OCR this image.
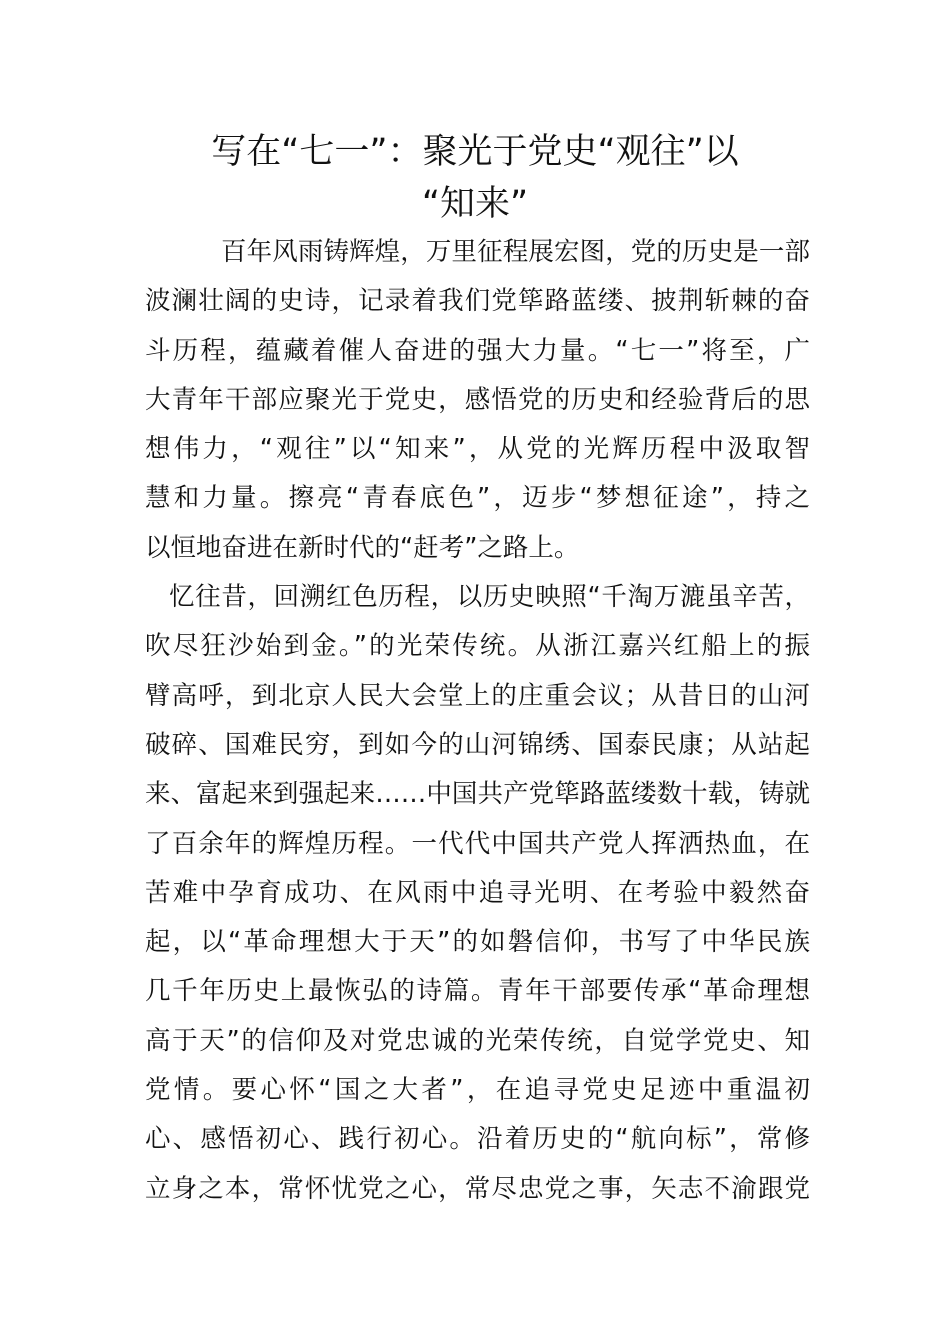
写在“七一”：聚光于党史“观往”以
“知来”
百年风雨铸辉煌，万里征程展宏图，党的历史是一部
波澜壮阔的史诗，记录着我们党筚路蓝缕、披荆斩棘的奋
斗历程，蕴藏着催人奋进的强大力量。“七一”将至，广
大青年干部应聚光于党史，感悟党的历史和经验背后的思
想伟力，“观往”以“知来”，从党的光辉历程中汲取智
慧和力量。擦亮“青春底色”，迈步“梦想征途”，持之
以恒地奋进在新时代的“赶考”之路上。
忆往昔，回溯红色历程，以历史映照“千淘万漉虽辛苦，
吹尽狂沙始到金。”的光荣传统。从浙江嘉兴红船上的振
臂高呼，到北京人民大会堂上的庄重会议；从昔日的山河
破碎、国难民穷，到如今的山河锦绣、国泰民康；从站起
来、富起来到强起来……中国共产党筚路蓝缕数十载，铸就
了百余年的辉煌历程。一代代中国共产党人挥洒热血，在
苦难中孕育成功、在风雨中追寻光明、在考验中毅然奋
起，以“革命理想大于天”的如磐信仰，书写了中华民族
几千年历史上最恢弘的诗篇。青年干部要传承“革命理想
高于天”的信仰及对党忠诚的光荣传统，自觉学党史、知
党情。要心怀“国之大者”，在追寻党史足迹中重温初
心、感悟初心、践行初心。沿着历史的“航向标”，常修
立身之本，常怀忧党之心，常尽忠党之事，矢志不渝跟党
